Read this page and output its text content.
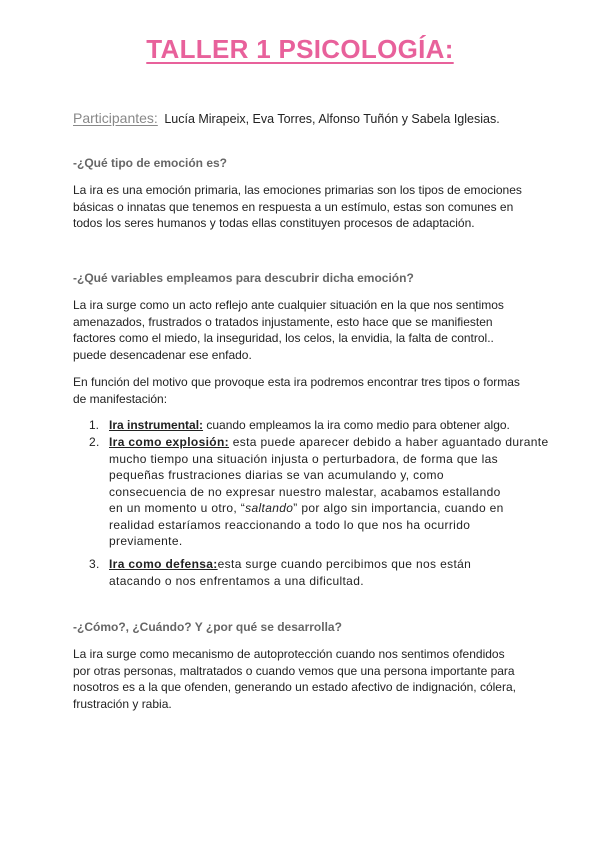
TALLER 1 PSICOLOGÍA:
Participantes: Lucía Mirapeix, Eva Torres, Alfonso Tuñón y Sabela Iglesias.
-¿Qué tipo de emoción es?
La ira es una emoción primaria, las emociones primarias son los tipos de emociones
básicas o innatas que tenemos en respuesta a un estímulo, estas son comunes en
todos los seres humanos y todas ellas constituyen procesos de adaptación.
-¿Qué variables empleamos para descubrir dicha emoción?
La ira surge como un acto reflejo ante cualquier situación en la que nos sentimos
amenazados, frustrados o tratados injustamente, esto hace que se manifiesten
factores como el miedo, la inseguridad, los celos, la envidia, la falta de control..
puede desencadenar ese enfado.
En función del motivo que provoque esta ira podremos encontrar tres tipos o formas
de manifestación:
1. Ira instrumental: cuando empleamos la ira como medio para obtener algo.
2. Ira como explosión: esta puede aparecer debido a haber aguantado durante
mucho tiempo una situación injusta o perturbadora, de forma que las
pequeñas frustraciones diarias se van acumulando y, como
consecuencia de no expresar nuestro malestar, acabamos estallando
en un momento u otro, “saltando” por algo sin importancia, cuando en
realidad estaríamos reaccionando a todo lo que nos ha ocurrido
previamente.
3. Ira como defensa:esta surge cuando percibimos que nos están
atacando o nos enfrentamos a una dificultad.
-¿Cómo?, ¿Cuándo? Y ¿por qué se desarrolla?
La ira surge como mecanismo de autoprotección cuando nos sentimos ofendidos
por otras personas, maltratados o cuando vemos que una persona importante para
nosotros es a la que ofenden, generando un estado afectivo de indignación, cólera,
frustración y rabia.
